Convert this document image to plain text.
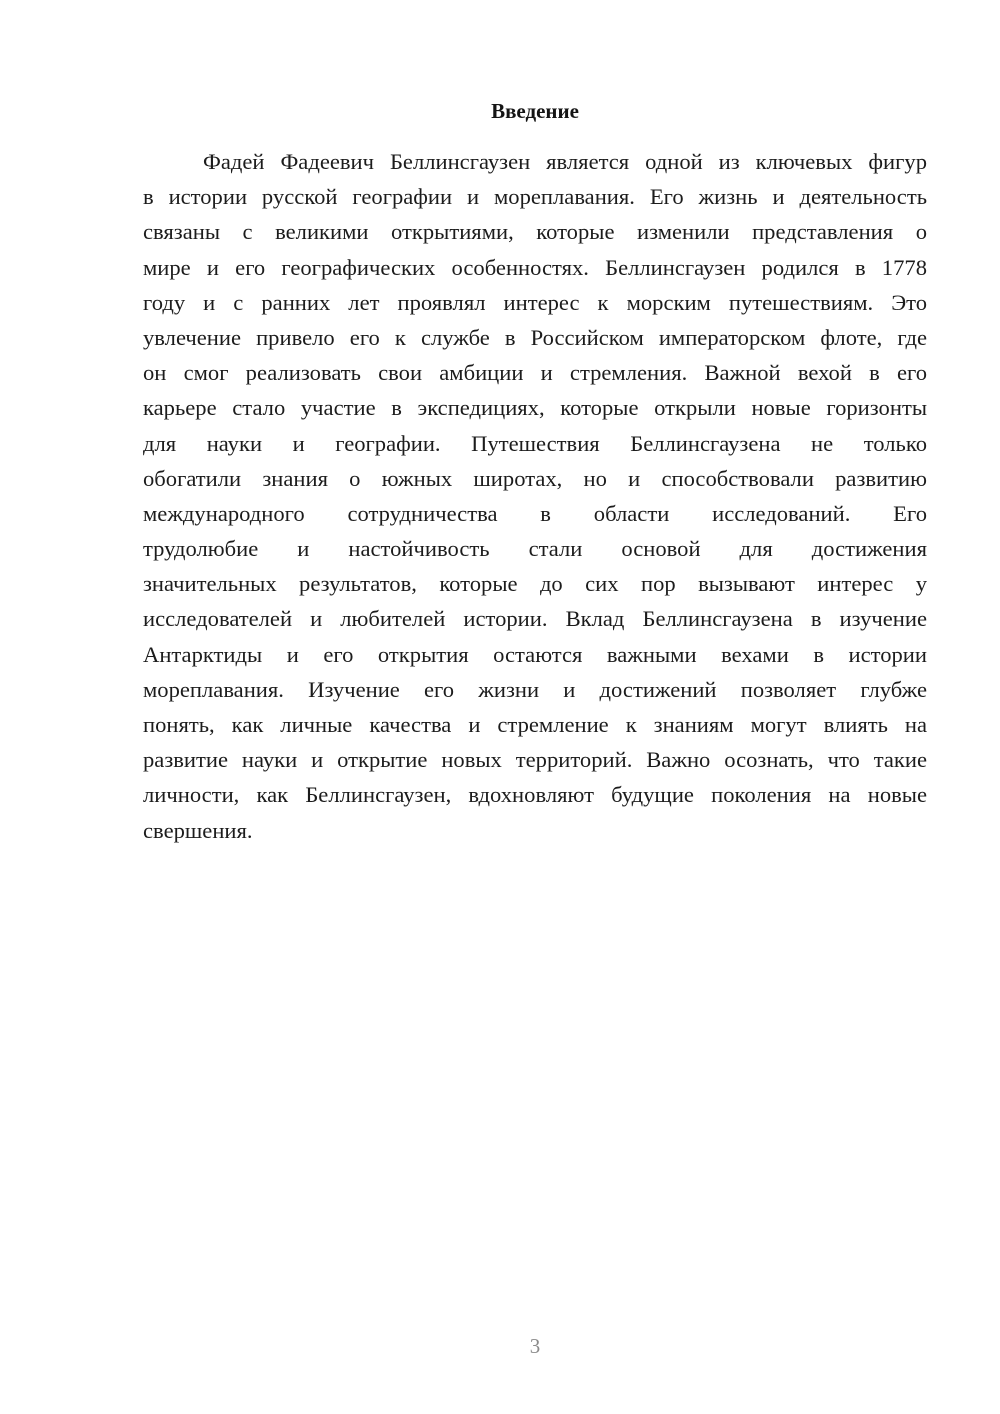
Введение
Фадей Фадеевич Беллинсгаузен является одной из ключевых фигур
в истории русской географии и мореплавания. Его жизнь и деятельность
связаны с великими открытиями, которые изменили представления о
мире и его географических особенностях. Беллинсгаузен родился в 1778
году и с ранних лет проявлял интерес к морским путешествиям. Это
увлечение привело его к службе в Российском императорском флоте, где
он смог реализовать свои амбиции и стремления. Важной вехой в его
карьере стало участие в экспедициях, которые открыли новые горизонты
для науки и географии. Путешествия Беллинсгаузена не только
обогатили знания о южных широтах, но и способствовали развитию
международного сотрудничества в области исследований. Его
трудолюбие и настойчивость стали основой для достижения
значительных результатов, которые до сих пор вызывают интерес у
исследователей и любителей истории. Вклад Беллинсгаузена в изучение
Антарктиды и его открытия остаются важными вехами в истории
мореплавания. Изучение его жизни и достижений позволяет глубже
понять, как личные качества и стремление к знаниям могут влиять на
развитие науки и открытие новых территорий. Важно осознать, что такие
личности, как Беллинсгаузен, вдохновляют будущие поколения на новые
свершения.
3
